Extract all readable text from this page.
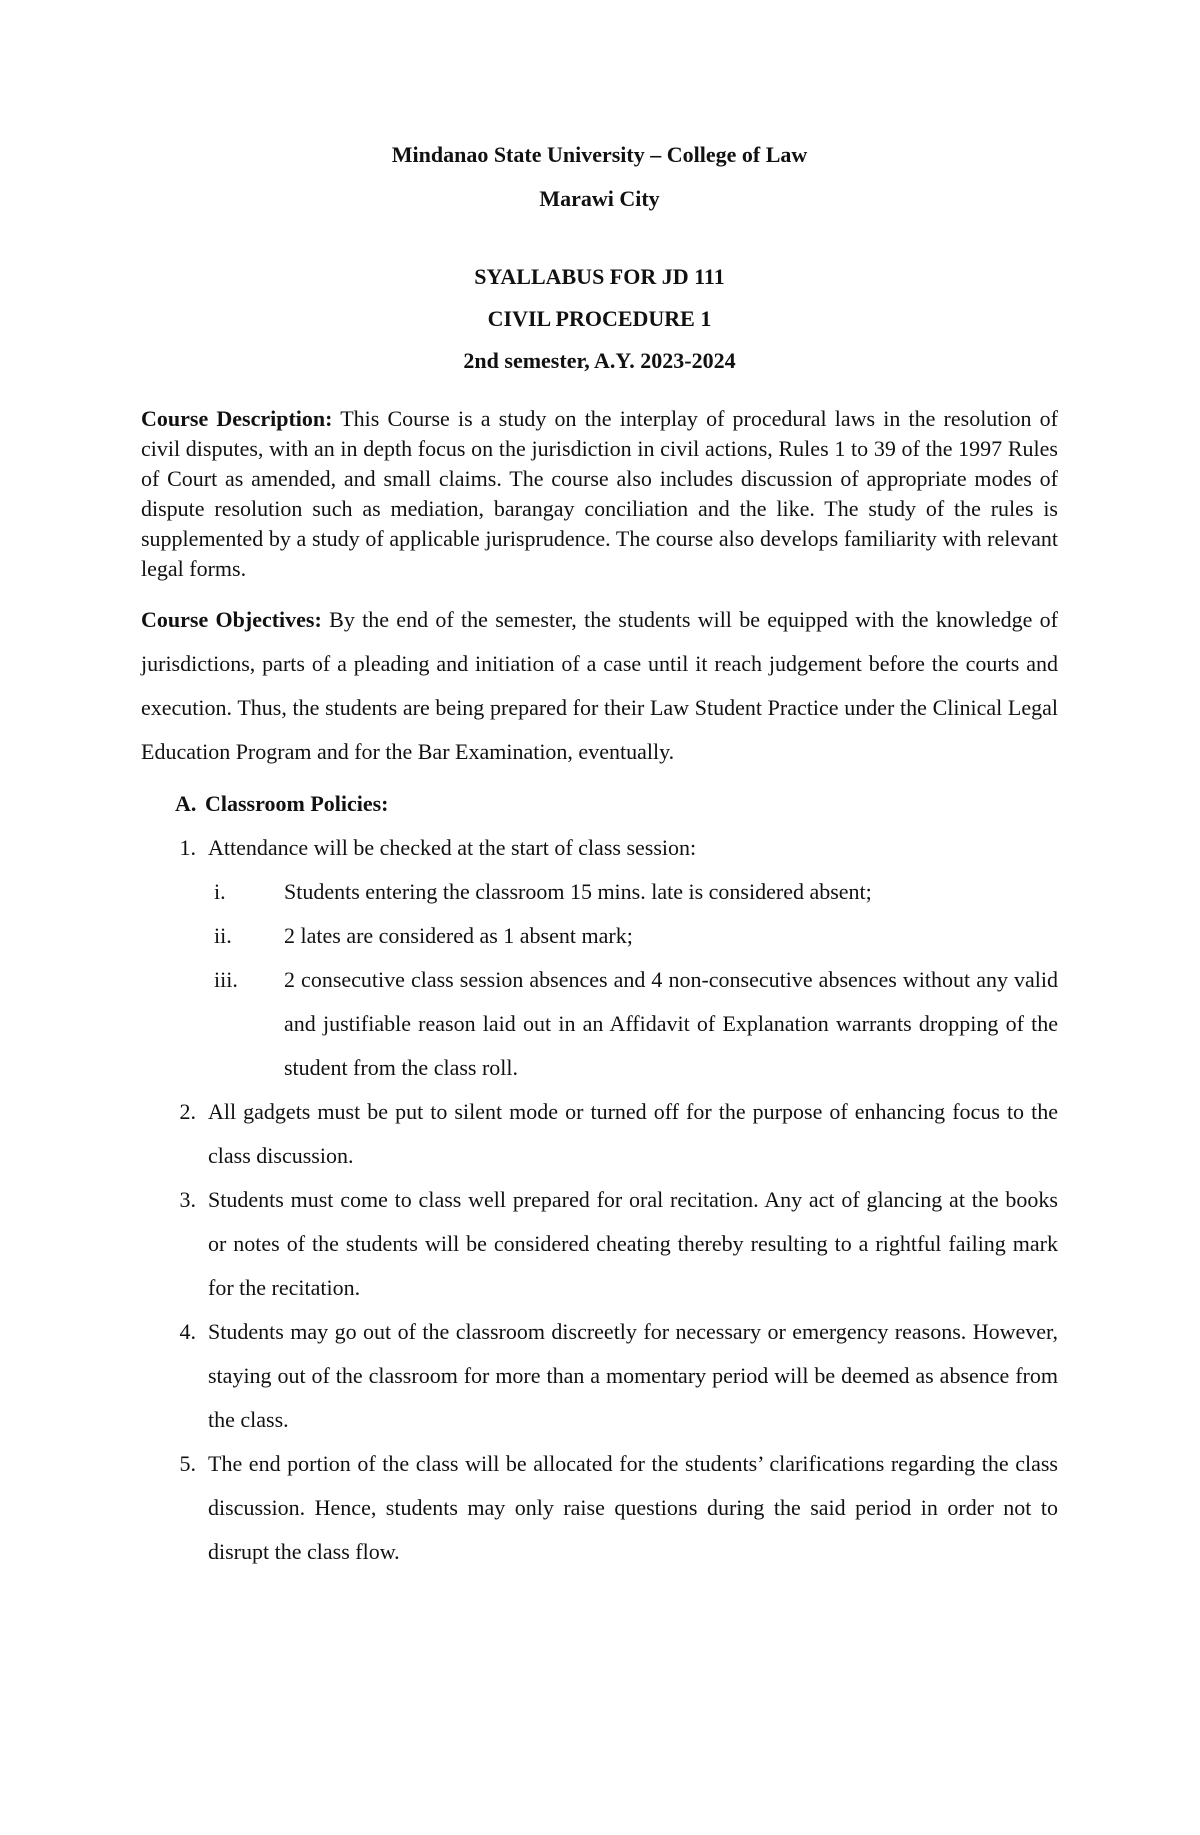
Mindanao State University – College of Law

Marawi City

SYALLABUS FOR JD 111

CIVIL PROCEDURE 1

2nd semester, A.Y. 2023-2024

Course Description: This Course is a study on the interplay of procedural laws in the resolution of civil disputes, with an in depth focus on the jurisdiction in civil actions, Rules 1 to 39 of the 1997 Rules of Court as amended, and small claims. The course also includes discussion of appropriate modes of dispute resolution such as mediation, barangay conciliation and the like. The study of the rules is supplemented by a study of applicable jurisprudence. The course also develops familiarity with relevant legal forms.

Course Objectives: By the end of the semester, the students will be equipped with the knowledge of jurisdictions, parts of a pleading and initiation of a case until it reach judgement before the courts and execution. Thus, the students are being prepared for their Law Student Practice under the Clinical Legal Education Program and for the Bar Examination, eventually.

A. Classroom Policies:
1. Attendance will be checked at the start of class session:
i.	Students entering the classroom 15 mins. late is considered absent;
ii.	2 lates are considered as 1 absent mark;
iii.	2 consecutive class session absences and 4 non-consecutive absences without any valid and justifiable reason laid out in an Affidavit of Explanation warrants dropping of the student from the class roll.
2. All gadgets must be put to silent mode or turned off for the purpose of enhancing focus to the class discussion.
3. Students must come to class well prepared for oral recitation. Any act of glancing at the books or notes of the students will be considered cheating thereby resulting to a rightful failing mark for the recitation.
4. Students may go out of the classroom discreetly for necessary or emergency reasons. However, staying out of the classroom for more than a momentary period will be deemed as absence from the class.
5. The end portion of the class will be allocated for the students’ clarifications regarding the class discussion. Hence, students may only raise questions during the said period in order not to disrupt the class flow.
